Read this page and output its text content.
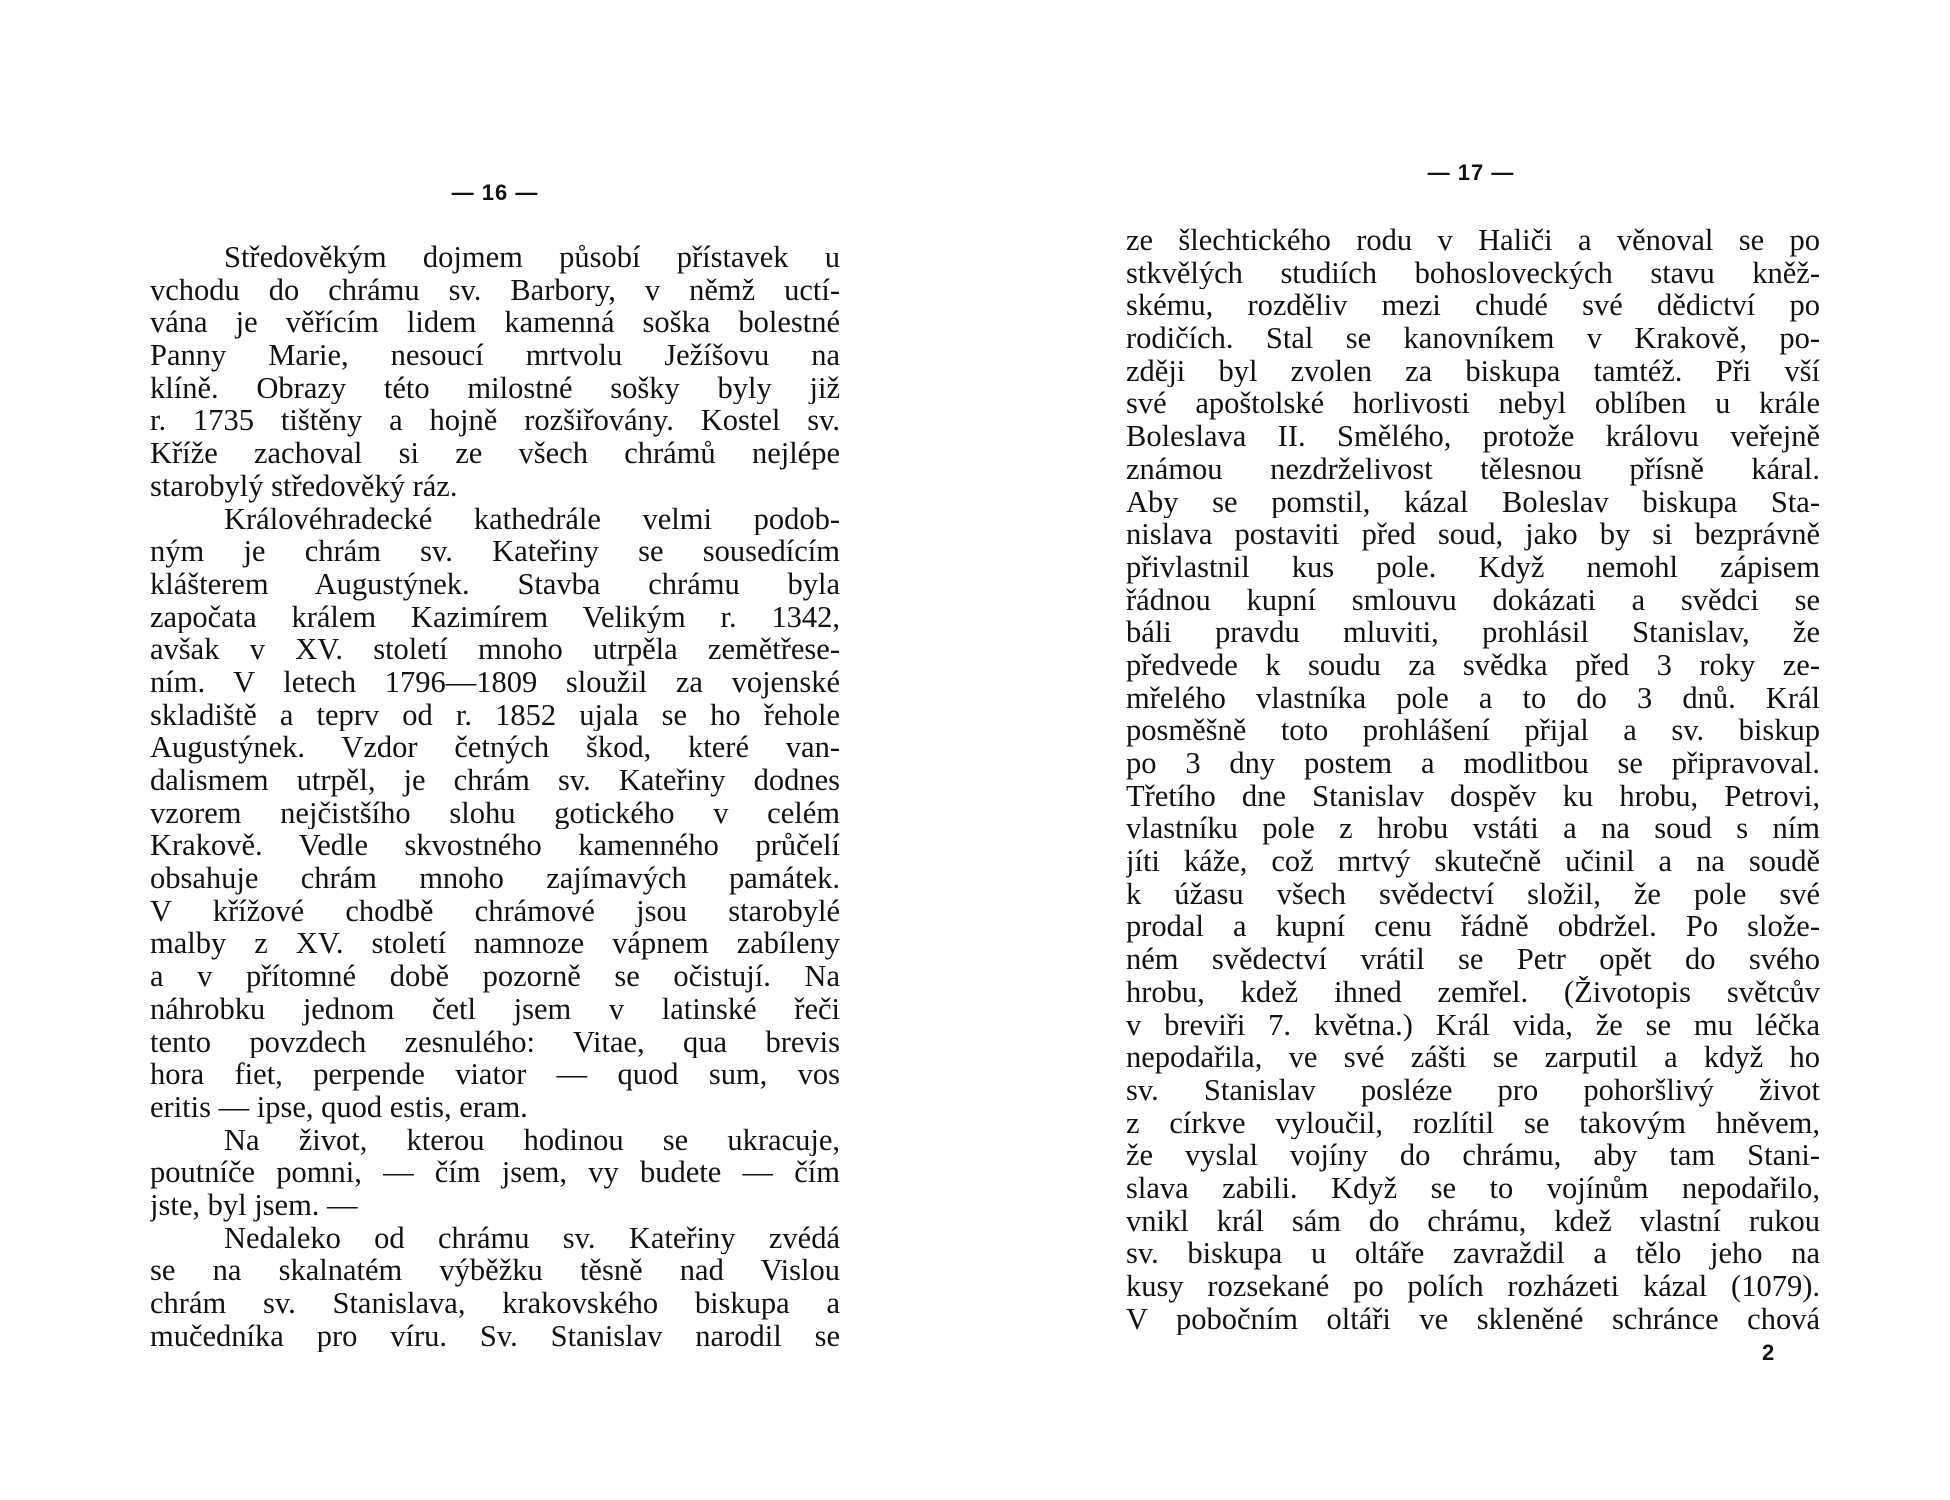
— 16 —
Středověkým dojmem působí přístavek u
vchodu do chrámu sv. Barbory, v němž uctí-
vána je věřícím lidem kamenná soška bolestné
Panny Marie, nesoucí mrtvolu Ježíšovu na
klíně. Obrazy této milostné sošky byly již
r. 1735 tištěny a hojně rozšiřovány. Kostel sv.
Kříže zachoval si ze všech chrámů nejlépe
starobylý středověký ráz.
Královéhradecké kathedrále velmi podob-
ným je chrám sv. Kateřiny se sousedícím
klášterem Augustýnek. Stavba chrámu byla
započata králem Kazimírem Velikým r. 1342,
avšak v XV. století mnoho utrpěla zemětřese-
ním. V letech 1796—1809 sloužil za vojenské
skladiště a teprv od r. 1852 ujala se ho řehole
Augustýnek. Vzdor četných škod, které van-
dalismem utrpěl, je chrám sv. Kateřiny dodnes
vzorem nejčistšího slohu gotického v celém
Krakově. Vedle skvostného kamenného průčelí
obsahuje chrám mnoho zajímavých památek.
V křížové chodbě chrámové jsou starobylé
malby z XV. století namnoze vápnem zabíleny
a v přítomné době pozorně se očistují. Na
náhrobku jednom četl jsem v latinské řeči
tento povzdech zesnulého: Vitae, qua brevis
hora fiet, perpende viator — quod sum, vos
eritis — ipse, quod estis, eram.
Na život, kterou hodinou se ukracuje,
poutníče pomni, — čím jsem, vy budete — čím
jste, byl jsem. —
Nedaleko od chrámu sv. Kateřiny zvédá
se na skalnatém výběžku těsně nad Vislou
chrám sv. Stanislava, krakovského biskupa a
mučedníka pro víru. Sv. Stanislav narodil se
— 17 —
ze šlechtického rodu v Haliči a věnoval se po
stkvělých studiích bohosloveckých stavu kněž-
skému, rozděliv mezi chudé své dědictví po
rodičích. Stal se kanovníkem v Krakově, po-
zději byl zvolen za biskupa tamtéž. Při vší
své apoštolské horlivosti nebyl oblíben u krále
Boleslava II. Smělého, protože královu veřejně
známou nezdrželivost tělesnou přísně káral.
Aby se pomstil, kázal Boleslav biskupa Sta-
nislava postaviti před soud, jako by si bezprávně
přivlastnil kus pole. Když nemohl zápisem
řádnou kupní smlouvu dokázati a svědci se
báli pravdu mluviti, prohlásil Stanislav, že
předvede k soudu za svědka před 3 roky ze-
mřelého vlastníka pole a to do 3 dnů. Král
posměšně toto prohlášení přijal a sv. biskup
po 3 dny postem a modlitbou se připravoval.
Třetího dne Stanislav dospěv ku hrobu, Petrovi,
vlastníku pole z hrobu vstáti a na soud s ním
jíti káže, což mrtvý skutečně učinil a na soudě
k úžasu všech svědectví složil, že pole své
prodal a kupní cenu řádně obdržel. Po slože-
ném svědectví vrátil se Petr opět do svého
hrobu, kdež ihned zemřel. (Životopis světcův
v breviři 7. května.) Král vida, že se mu léčka
nepodařila, ve své zášti se zarputil a když ho
sv. Stanislav posléze pro pohoršlivý život
z církve vyloučil, rozlítil se takovým hněvem,
že vyslal vojíny do chrámu, aby tam Stani-
slava zabili. Když se to vojínům nepodařilo,
vnikl král sám do chrámu, kdež vlastní rukou
sv. biskupa u oltáře zavraždil a tělo jeho na
kusy rozsekané po polích rozházeti kázal (1079).
V pobočním oltáři ve skleněné schránce chová
2
